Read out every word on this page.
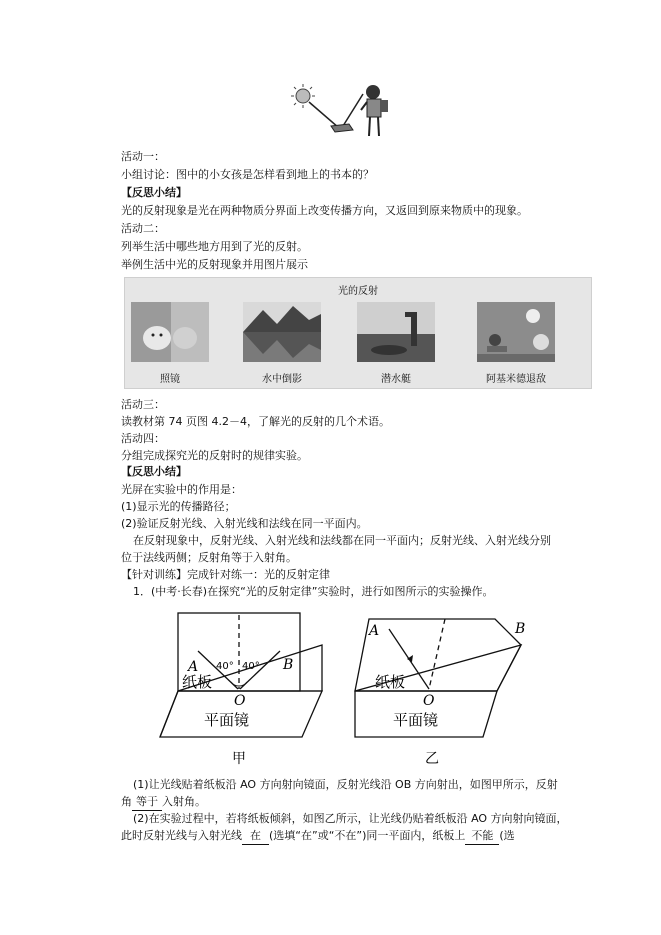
活动一：
小组讨论：图中的小女孩是怎样看到地上的书本的？
【反思小结】
光的反射现象是光在两种物质分界面上改变传播方向，又返回到原来物质中的现象。
活动二：
列举生活中哪些地方用到了光的反射。
举例生活中光的反射现象并用图片展示
光的反射
照镜	水中倒影	潜水艇	阿基米德退敌
活动三：
读教材第 74 页图 4.2－4，了解光的反射的几个术语。
活动四：
分组完成探究光的反射时的规律实验。
【反思小结】
光屏在实验中的作用是：
(1)显示光的传播路径；
(2)验证反射光线、入射光线和法线在同一平面内。
在反射现象中，反射光线、入射光线和法线都在同一平面内；反射光线、入射光线分别
位于法线两侧；反射角等于入射角。
【针对训练】完成针对练一：光的反射定律
1．(中考·长春)在探究“光的反射定律”实验时，进行如图所示的实验操作。
A	B
40° 40°
纸板
O
平面镜
甲
A	B
纸板
O
平面镜
乙
(1)让光线贴着纸板沿 AO 方向射向镜面，反射光线沿 OB 方向射出，如图甲所示，反射
角 等于 入射角。
(2)在实验过程中，若将纸板倾斜，如图乙所示，让光线仍贴着纸板沿 AO 方向射向镜面，
此时反射光线与入射光线 在 (选填“在”或“不在”)同一平面内，纸板上 不能 (选
